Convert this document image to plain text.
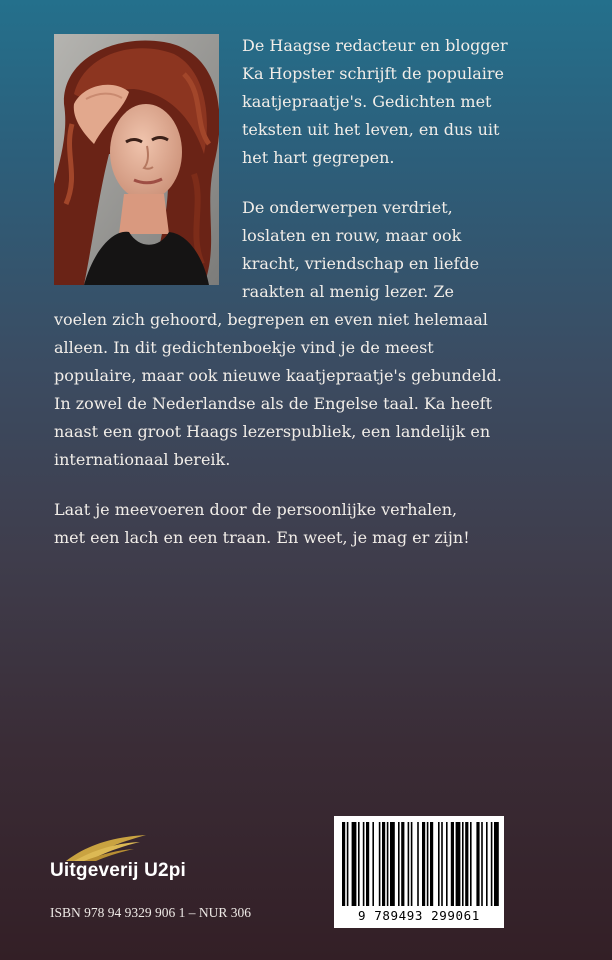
De Haagse redacteur en blogger
Ka Hopster schrijft de populaire
kaatjepraatje's. Gedichten met
teksten uit het leven, en dus uit
het hart gegrepen.

De onderwerpen verdriet,
loslaten en rouw, maar ook
kracht, vriendschap en liefde
raakten al menig lezer. Ze

voelen zich gehoord, begrepen en even niet helemaal
alleen. In dit gedichtenboekje vind je de meest
populaire, maar ook nieuwe kaatjepraatje's gebundeld.
In zowel de Nederlandse als de Engelse taal. Ka heeft
naast een groot Haags lezerspubliek, een landelijk en
internationaal bereik.

Laat je meevoeren door de persoonlijke verhalen,
met een lach en een traan. En weet, je mag er zijn!

Uitgeverij U2pi
ISBN 978 94 9329 906 1 – NUR 306	9 789493 299061
